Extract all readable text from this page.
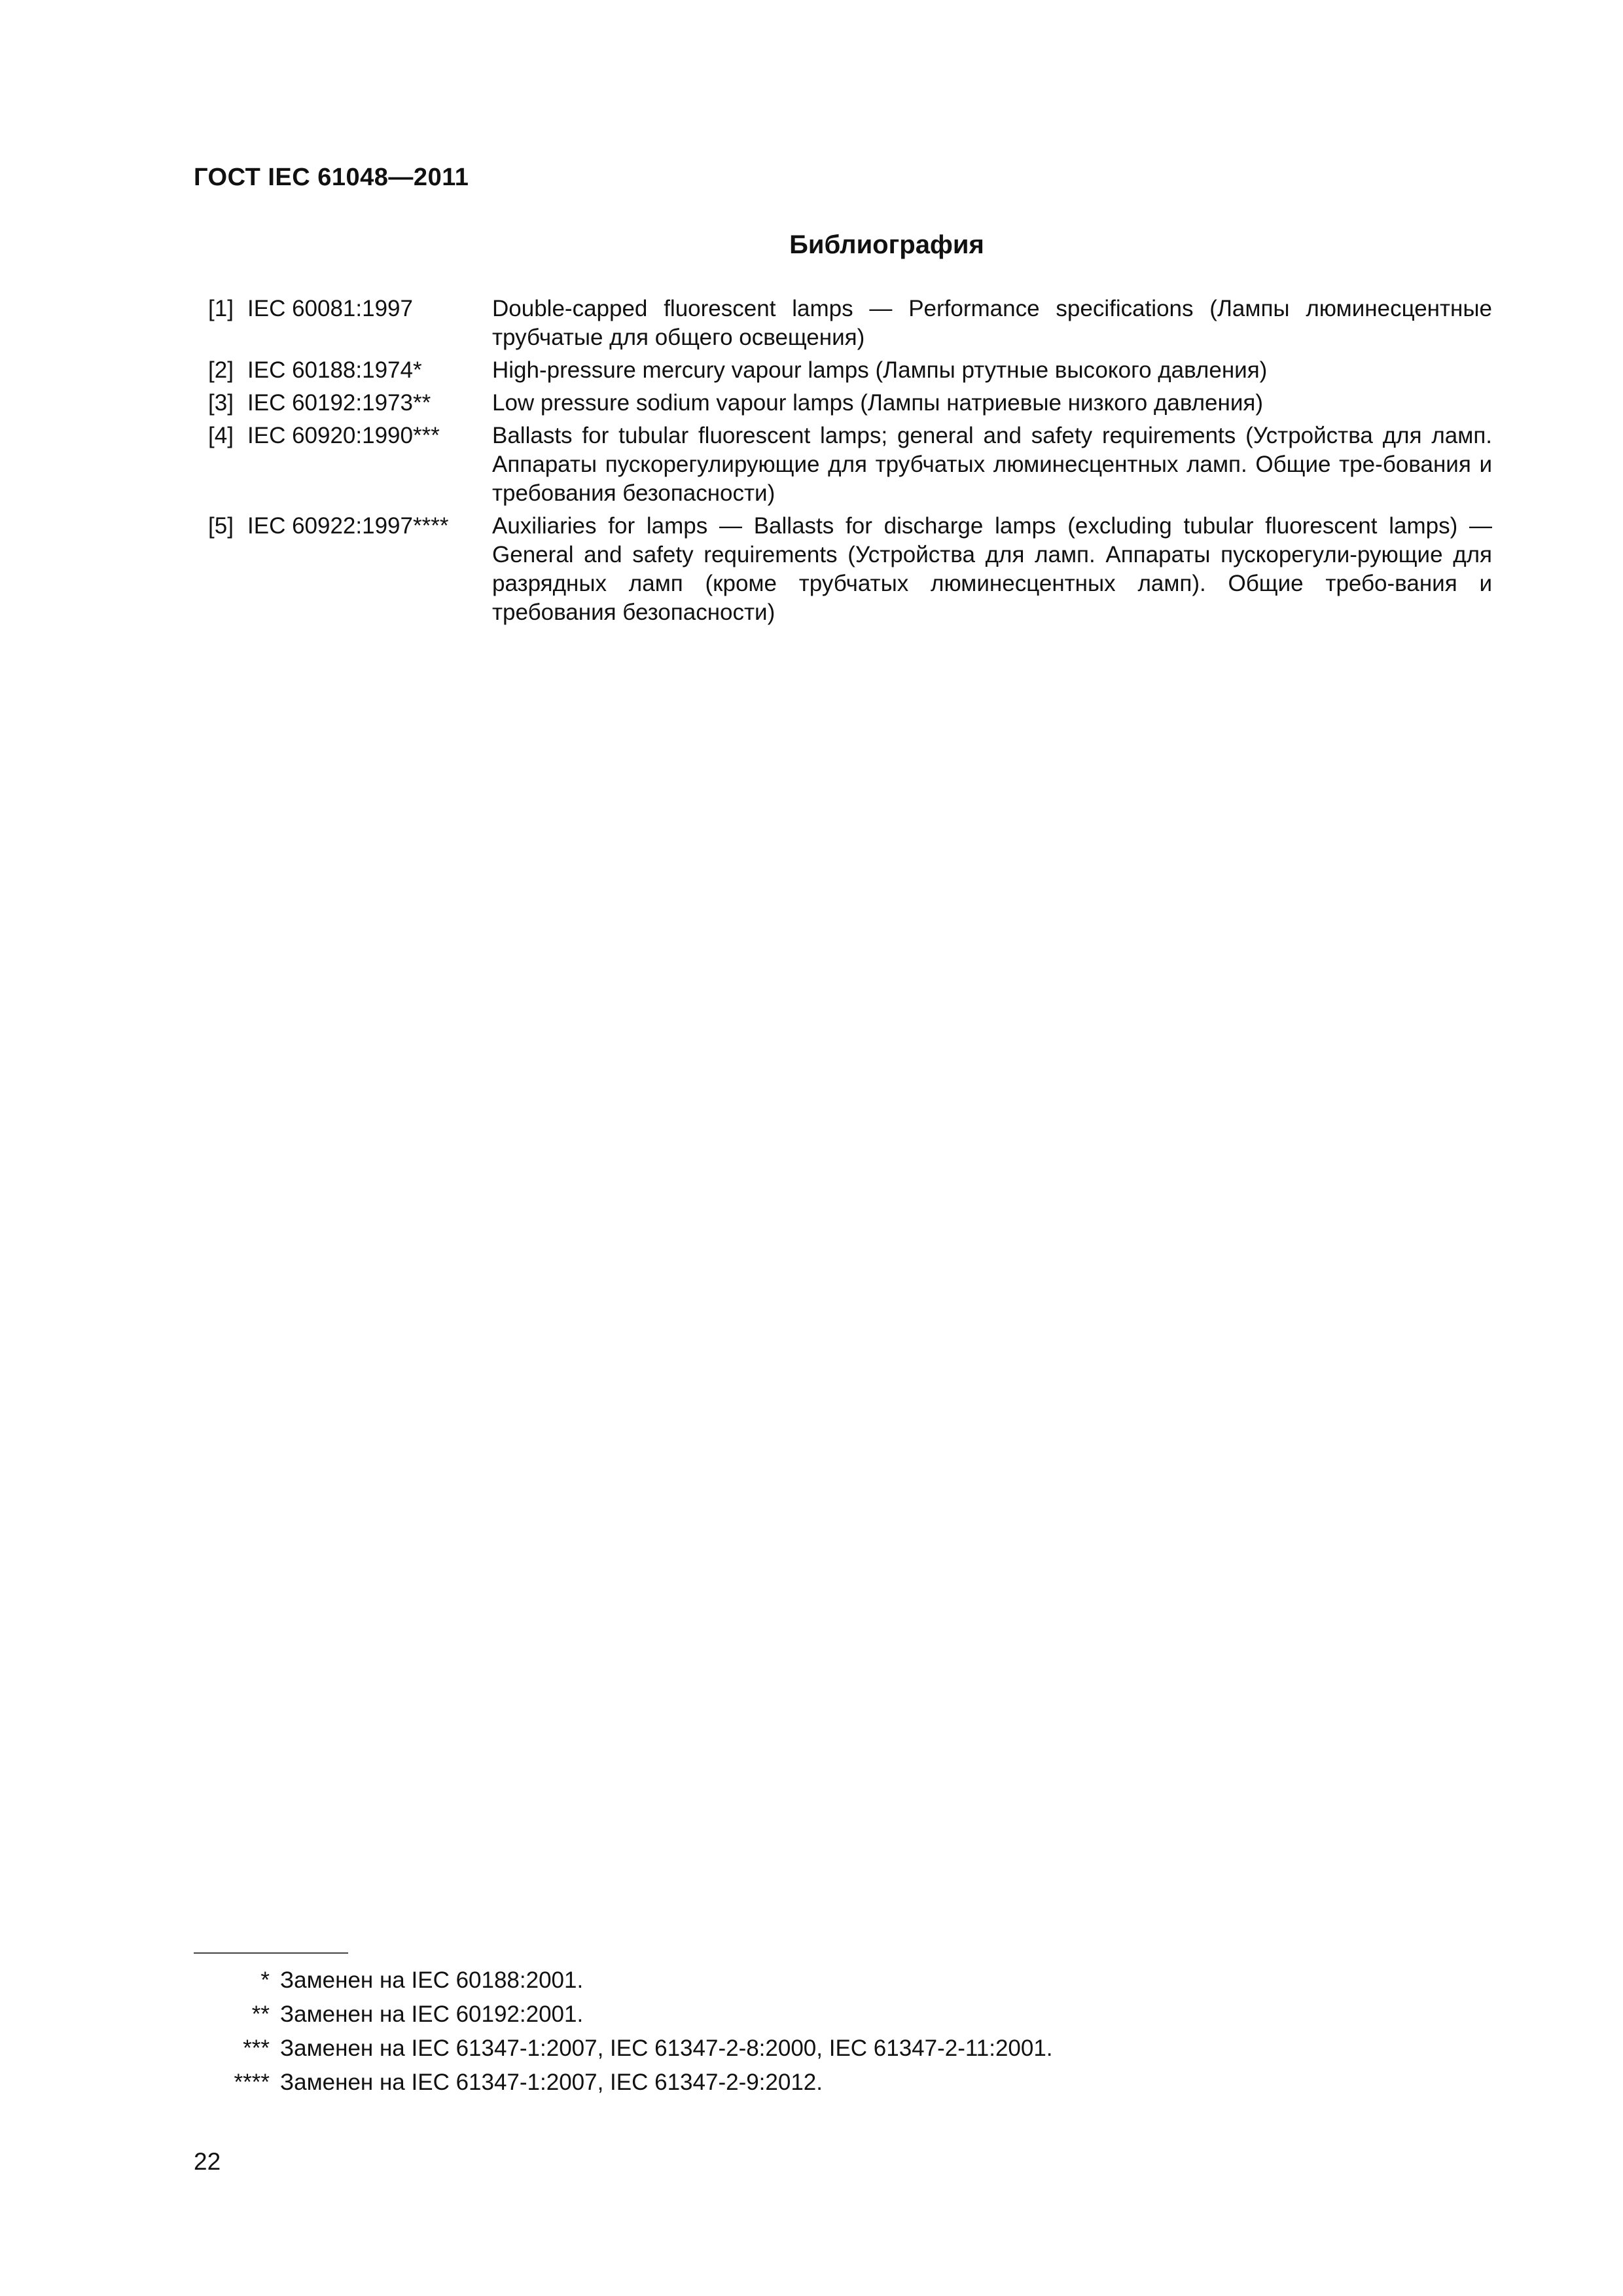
ГОСТ IEC 61048—2011
Библиография
[1] IEC 60081:1997	Double-capped fluorescent lamps — Performance specifications (Лампы люминесцентные трубчатые для общего освещения)
[2] IEC 60188:1974*	High-pressure mercury vapour lamps (Лампы ртутные высокого давления)
[3] IEC 60192:1973**	Low pressure sodium vapour lamps (Лампы натриевые низкого давления)
[4] IEC 60920:1990***	Ballasts for tubular fluorescent lamps; general and safety requirements (Устройства для ламп. Аппараты пускорегулирующие для трубчатых люминесцентных ламп. Общие тре-бования и требования безопасности)
[5] IEC 60922:1997****	Auxiliaries for lamps — Ballasts for discharge lamps (excluding tubular fluorescent lamps) — General and safety requirements (Устройства для ламп. Аппараты пускорегули-рующие для разрядных ламп (кроме трубчатых люминесцентных ламп). Общие требо-вания и требования безопасности)
* Заменен на IEC 60188:2001.
** Заменен на IEC 60192:2001.
*** Заменен на IEC 61347-1:2007, IEC 61347-2-8:2000, IEC 61347-2-11:2001.
**** Заменен на IEC 61347-1:2007, IEC 61347-2-9:2012.
22
